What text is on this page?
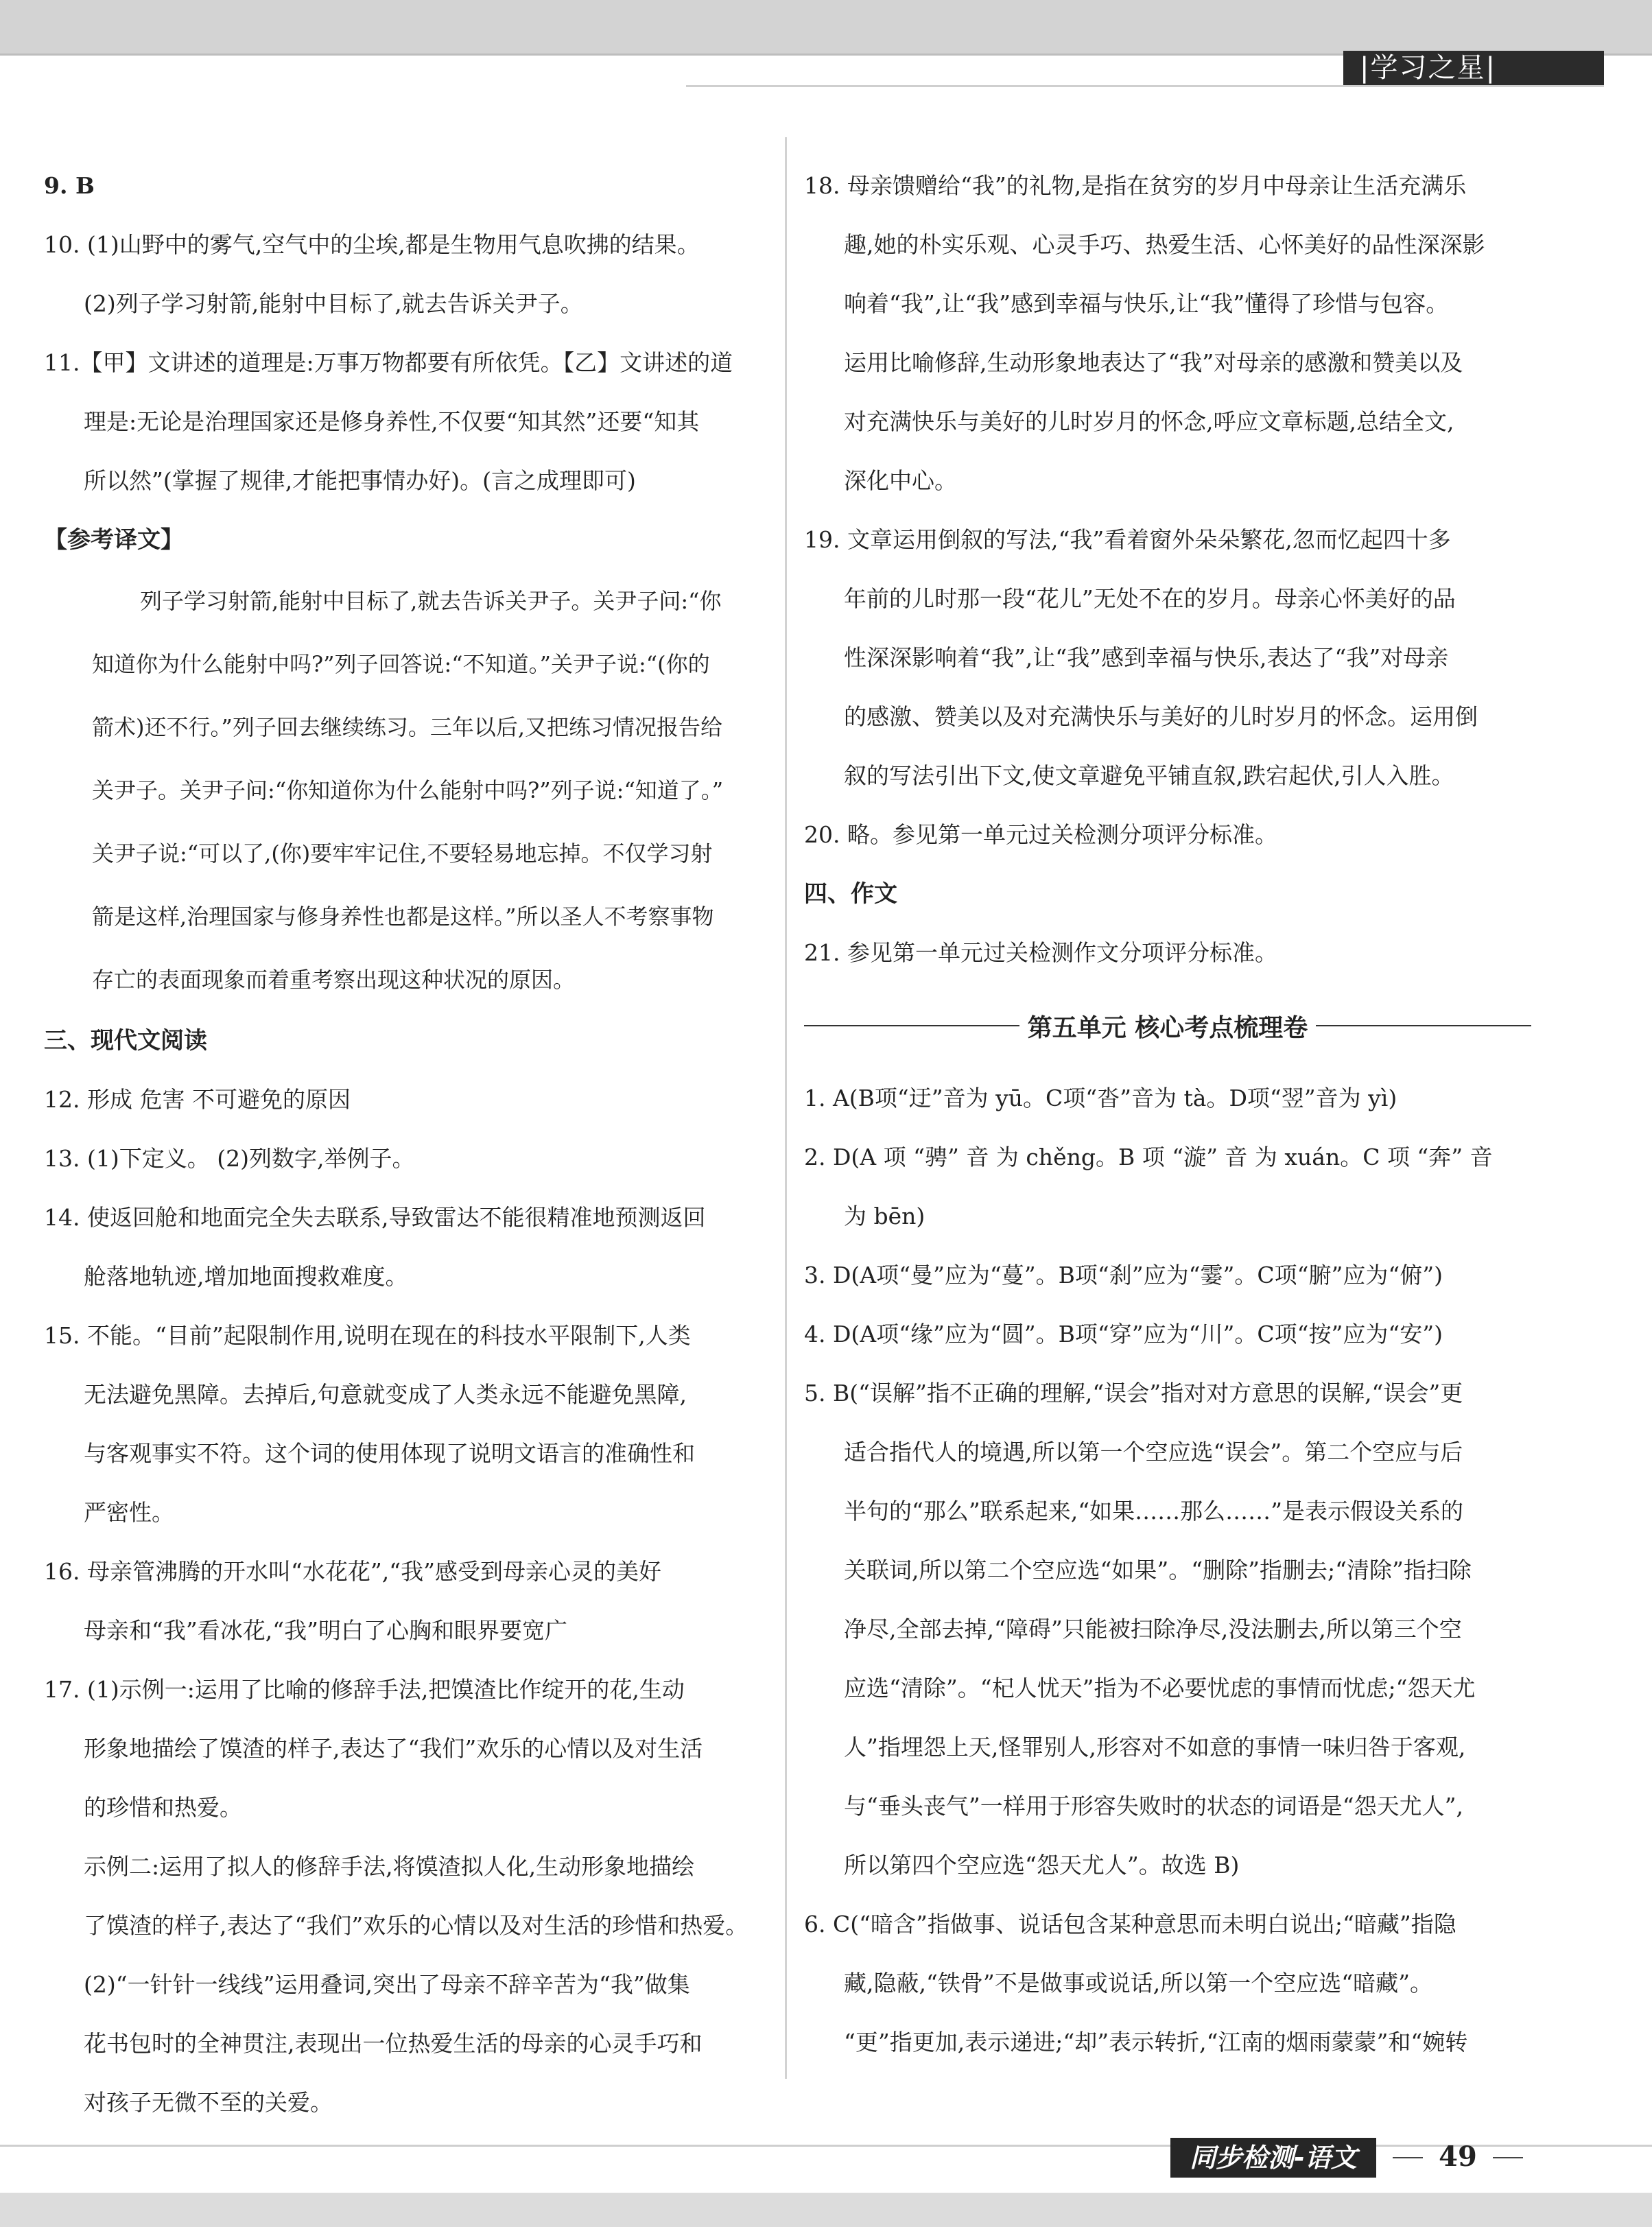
|学习之星|
9. B
10. (1)山野中的雾气,空气中的尘埃,都是生物用气息吹拂的结果。
(2)列子学习射箭,能射中目标了,就去告诉关尹子。
11.【甲】文讲述的道理是:万事万物都要有所依凭。【乙】文讲述的道
理是:无论是治理国家还是修身养性,不仅要“知其然”还要“知其
所以然”(掌握了规律,才能把事情办好)。(言之成理即可)
【参考译文】
列子学习射箭,能射中目标了,就去告诉关尹子。关尹子问:“你
知道你为什么能射中吗?”列子回答说:“不知道。”关尹子说:“(你的
箭术)还不行。”列子回去继续练习。三年以后,又把练习情况报告给
关尹子。关尹子问:“你知道你为什么能射中吗?”列子说:“知道了。”
关尹子说:“可以了,(你)要牢牢记住,不要轻易地忘掉。不仅学习射
箭是这样,治理国家与修身养性也都是这样。”所以圣人不考察事物
存亡的表面现象而着重考察出现这种状况的原因。
三、现代文阅读
12. 形成 危害 不可避免的原因
13. (1)下定义。 (2)列数字,举例子。
14. 使返回舱和地面完全失去联系,导致雷达不能很精准地预测返回
舱落地轨迹,增加地面搜救难度。
15. 不能。“目前”起限制作用,说明在现在的科技水平限制下,人类
无法避免黑障。去掉后,句意就变成了人类永远不能避免黑障,
与客观事实不符。这个词的使用体现了说明文语言的准确性和
严密性。
16. 母亲管沸腾的开水叫“水花花”,“我”感受到母亲心灵的美好
母亲和“我”看冰花,“我”明白了心胸和眼界要宽广
17. (1)示例一:运用了比喻的修辞手法,把馍渣比作绽开的花,生动
形象地描绘了馍渣的样子,表达了“我们”欢乐的心情以及对生活
的珍惜和热爱。
示例二:运用了拟人的修辞手法,将馍渣拟人化,生动形象地描绘
了馍渣的样子,表达了“我们”欢乐的心情以及对生活的珍惜和热爱。
(2)“一针针一线线”运用叠词,突出了母亲不辞辛苦为“我”做集
花书包时的全神贯注,表现出一位热爱生活的母亲的心灵手巧和
对孩子无微不至的关爱。
18. 母亲馈赠给“我”的礼物,是指在贫穷的岁月中母亲让生活充满乐
趣,她的朴实乐观、心灵手巧、热爱生活、心怀美好的品性深深影
响着“我”,让“我”感到幸福与快乐,让“我”懂得了珍惜与包容。
运用比喻修辞,生动形象地表达了“我”对母亲的感激和赞美以及
对充满快乐与美好的儿时岁月的怀念,呼应文章标题,总结全文,
深化中心。
19. 文章运用倒叙的写法,“我”看着窗外朵朵繁花,忽而忆起四十多
年前的儿时那一段“花儿”无处不在的岁月。母亲心怀美好的品
性深深影响着“我”,让“我”感到幸福与快乐,表达了“我”对母亲
的感激、赞美以及对充满快乐与美好的儿时岁月的怀念。运用倒
叙的写法引出下文,使文章避免平铺直叙,跌宕起伏,引人入胜。
20. 略。参见第一单元过关检测分项评分标准。
四、作文
21. 参见第一单元过关检测作文分项评分标准。
第五单元 核心考点梳理卷
1. A(B项“迂”音为 yū。C项“沓”音为 tà。D项“翌”音为 yì)
2. D(A 项 “骋” 音 为 chěng。B 项 “漩” 音 为 xuán。C 项 “奔” 音
为 bēn)
3. D(A项“曼”应为“蔓”。B项“刹”应为“霎”。C项“腑”应为“俯”)
4. D(A项“缘”应为“圆”。B项“穿”应为“川”。C项“按”应为“安”)
5. B(“误解”指不正确的理解,“误会”指对对方意思的误解,“误会”更
适合指代人的境遇,所以第一个空应选“误会”。第二个空应与后
半句的“那么”联系起来,“如果……那么……”是表示假设关系的
关联词,所以第二个空应选“如果”。“删除”指删去;“清除”指扫除
净尽,全部去掉,“障碍”只能被扫除净尽,没法删去,所以第三个空
应选“清除”。“杞人忧天”指为不必要忧虑的事情而忧虑;“怨天尤
人”指埋怨上天,怪罪别人,形容对不如意的事情一味归咎于客观,
与“垂头丧气”一样用于形容失败时的状态的词语是“怨天尤人”,
所以第四个空应选“怨天尤人”。故选 B)
6. C(“暗含”指做事、说话包含某种意思而未明白说出;“暗藏”指隐
藏,隐蔽,“铁骨”不是做事或说话,所以第一个空应选“暗藏”。
“更”指更加,表示递进;“却”表示转折,“江南的烟雨蒙蒙”和“婉转
同步检测-语文	49
